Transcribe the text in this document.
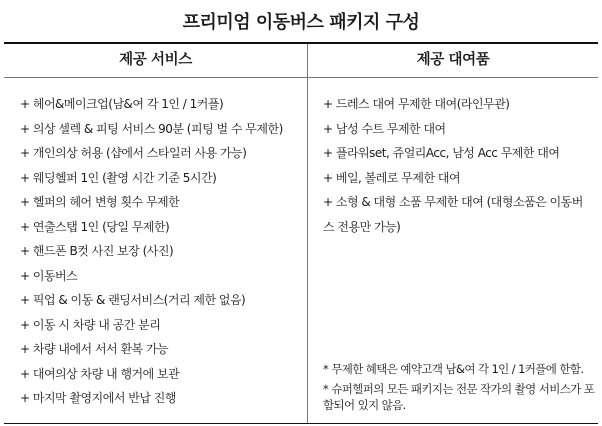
프리미엄 이동버스 패키지 구성
제공 서비스	제공 대여품
+ 헤어&메이크업(남&여 각 1인 / 1커플)
+ 의상 셀렉 & 피팅 서비스 90분 (피팅 벌 수 무제한)
+ 개인의상 허용 (샵에서 스타일러 사용 가능)
+ 웨딩헬퍼 1인 (촬영 시간 기준 5시간)
+ 헬퍼의 헤어 변형 횟수 무제한
+ 연출스탭 1인 (당일 무제한)
+ 핸드폰 B컷 사진 보장 (사진)
+ 이동버스
+ 픽업 & 이동 & 랜딩서비스(거리 제한 없음)
+ 이동 시 차량 내 공간 분리
+ 차량 내에서 서서 환복 가능
+ 대여의상 차량 내 행거에 보관
+ 마지막 촬영지에서 반납 진행
+ 드레스 대여 무제한 대여(라인무관)
+ 남성 수트 무제한 대여
+ 플라워set, 쥬얼리Acc, 남성 Acc 무제한 대여
+ 베일, 볼레로 무제한 대여
+ 소형 & 대형 소품 무제한 대여 (대형소품은 이동버스 전용만 가능)
* 무제한 혜택은 예약고객 남&여 각 1인 / 1커플에 한함.
* 슈퍼헬퍼의 모든 패키지는 전문 작가의 촬영 서비스가 포함되어 있지 않음.
